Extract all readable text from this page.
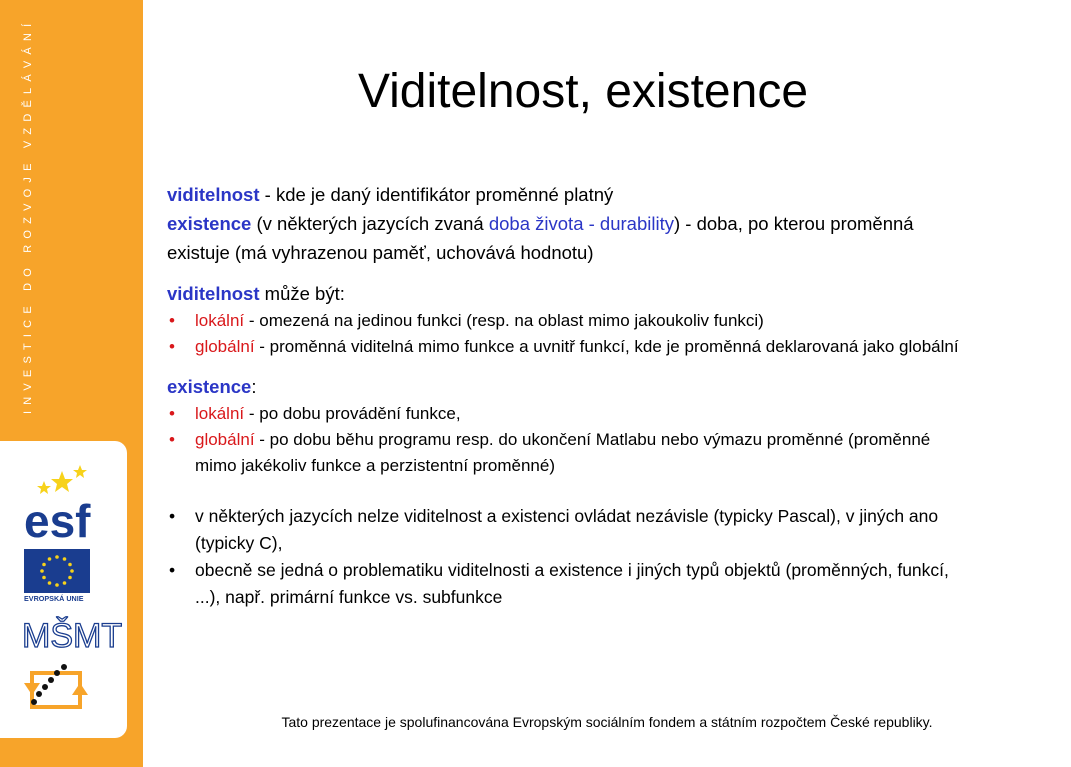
INVESTICE DO ROZVOJE VZDĚLÁVÁNÍ
esf
EVROPSKÁ UNIE
MŠMT
Viditelnost, existence

viditelnost - kde je daný identifikátor proměnné platný

existence (v některých jazycích zvaná doba života - durability) - doba, po kterou proměnná existuje (má vyhrazenou paměť, uchovává hodnotu)

viditelnost může být:

• lokální - omezená na jedinou funkci (resp. na oblast mimo jakoukoliv funkci)
• globální - proměnná viditelná mimo funkce a uvnitř funkcí, kde je proměnná deklarovaná jako globální

existence:

• lokální - po dobu provádění funkce,
• globální - po dobu běhu programu resp. do ukončení Matlabu nebo výmazu proměnné (proměnné mimo jakékoliv funkce a perzistentní proměnné)
• v některých jazycích nelze viditelnost a existenci ovládat nezávisle (typicky Pascal), v jiných ano (typicky C),
• obecně se jedná o problematiku viditelnosti a existence i jiných typů objektů (proměnných, funkcí, ...), např. primární funkce vs. subfunkce
Tato prezentace je spolufinancována Evropským sociálním fondem a státním rozpočtem České republiky.
